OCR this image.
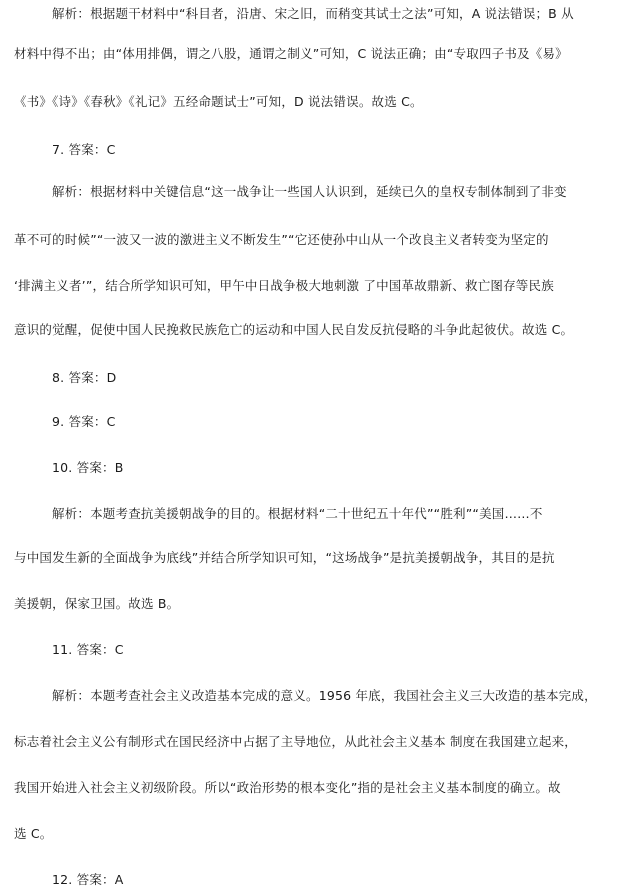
解析：根据题干材料中“科目者，沿唐、宋之旧，而稍变其试士之法”可知，A 说法错误；B 从
材料中得不出；由“体用排偶，谓之八股，通谓之制义”可知，C 说法正确；由“专取四子书及《易》
《书》《诗》《春秋》《礼记》五经命题试士”可知，D 说法错误。故选 C。
7. 答案：C
解析：根据材料中关键信息“这一战争让一些国人认识到，延续已久的皇权专制体制到了非变
革不可的时候”“一波又一波的激进主义不断发生”“它还使孙中山从一个改良主义者转变为坚定的
‘排满主义者’”，结合所学知识可知，甲午中日战争极大地刺激 了中国革故鼎新、救亡图存等民族
意识的觉醒，促使中国人民挽救民族危亡的运动和中国人民自发反抗侵略的斗争此起彼伏。故选 C。
8. 答案：D
9. 答案：C
10. 答案：B
解析：本题考查抗美援朝战争的目的。根据材料“二十世纪五十年代”“胜利”“美国……不
与中国发生新的全面战争为底线”并结合所学知识可知，“这场战争”是抗美援朝战争，其目的是抗
美援朝，保家卫国。故选 B。
11. 答案：C
解析：本题考查社会主义改造基本完成的意义。1956 年底，我国社会主义三大改造的基本完成，
标志着社会主义公有制形式在国民经济中占据了主导地位，从此社会主义基本 制度在我国建立起来，
我国开始进入社会主义初级阶段。所以“政治形势的根本变化”指的是社会主义基本制度的确立。故
选 C。
12. 答案：A
